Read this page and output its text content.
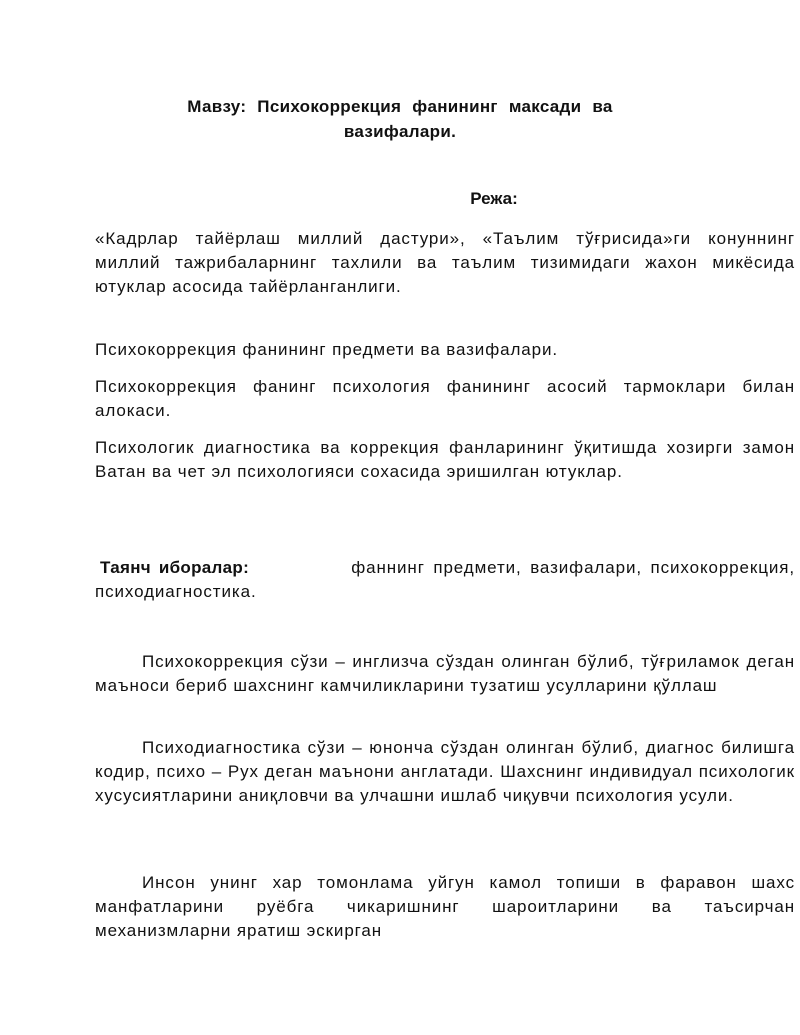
Мавзу: Психокоррекция фанининг максади ва
вазифалари.
Режа:
«Кадрлар тайёрлаш миллий дастури», «Таълим тўғрисида»ги конуннинг миллий тажрибаларнинг тахлили ва таълим тизимидаги жахон микёсида ютуклар асосида тайёрланганлиги.
Психокоррекция фанининг предмети ва вазифалари.
Психокоррекция фанинг психология фанининг асосий тармоклари билан алокаси.
Психологик диагностика ва коррекция фанларининг ўқитишда хозирги замон Ватан ва чет эл психологияси сохасида эришилган ютуклар.
Таянч иборалар:	фаннинг предмети, вазифалари, психокоррекция, психодиагностика.
Психокоррекция сўзи – инглизча сўздан олинган бўлиб, тўғриламок деган маъноси бериб шахснинг камчиликларини тузатиш усулларини қўллаш
Психодиагностика сўзи – юнонча сўздан олинган бўлиб, диагнос билишга кодир, психо – Рух деган маънони англатади. Шахснинг индивидуал психологик хусусиятларини аниқловчи ва улчашни ишлаб чиқувчи психология усули.
Инсон унинг хар томонлама уйгун камол топиши в фаравон шахс манфатларини руёбга чикаришнинг шароитларини ва таъсирчан механизмларни яратиш эскирган
